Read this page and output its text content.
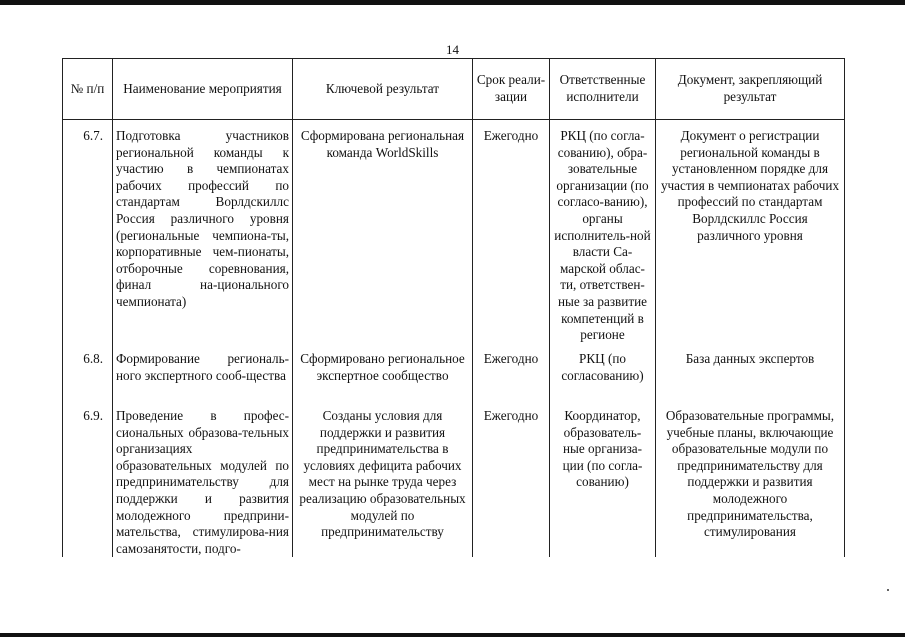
14
№ п/п	Наименование мероприятия	Ключевой результат	Срок реали-зации	Ответственные исполнители	Документ, закрепляющий результат
6.7.	Подготовка участников региональной команды к участию в чемпионатах рабочих профессий по стандартам Ворлдскиллс Россия различного уровня (региональные чемпиона-ты, корпоративные чем-пионаты, отборочные соревнования, финал на-ционального чемпионата)	Сформирована региональная команда WorldSkills	Ежегодно	РКЦ (по согла-сованию), обра-зовательные организации (по согласо-ванию), органы исполнитель-ной власти Са-марской облас-ти, ответствен-ные за развитие компетенций в регионе	Документ о регистрации региональной команды в установленном порядке для участия в чемпионатах рабочих профессий по стандартам Ворлдскиллс Россия различного уровня
6.8.	Формирование региональ-ного экспертного сооб-щества	Сформировано региональное экспертное сообщество	Ежегодно	РКЦ (по согласованию)	База данных экспертов
6.9.	Проведение в профес-сиональных образова-тельных организациях образовательных модулей по предпринимательству для поддержки и развития молодежного предприни-мательства, стимулирова-ния самозанятости, подго-	Созданы условия для поддержки и развития предпринимательства в условиях дефицита рабочих мест на рынке труда через реализацию образовательных модулей по предпринимательству	Ежегодно	Координатор, образователь-ные организа-ции (по согла-сованию)	Образовательные программы, учебные планы, включающие образовательные модули по предпринимательству для поддержки и развития молодежного предпринимательства, стимулирования
